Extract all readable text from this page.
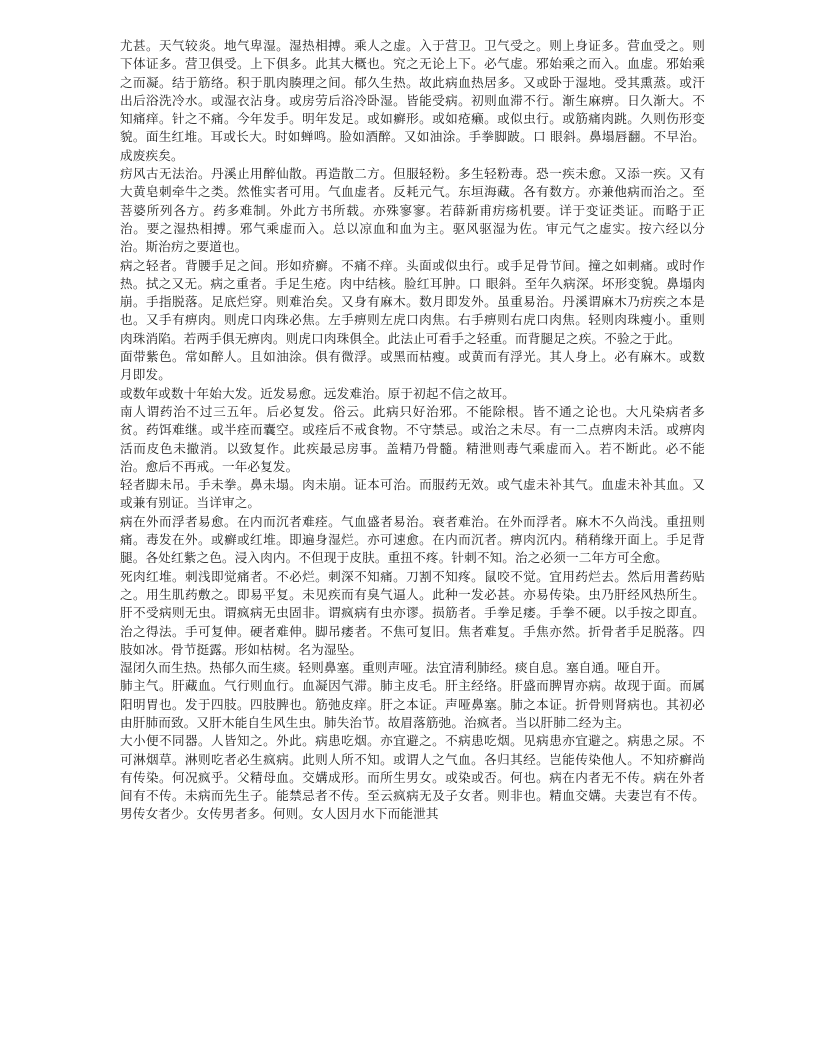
尤甚。天气较炎。地气卑湿。湿热相搏。乘人之虚。入于营卫。卫气受之。则上身证多。营血受之。则下体证多。营卫俱受。上下俱多。此其大概也。究之无论上下。必气虚。邪始乘之而入。血虚。邪始乘之而凝。结于筋络。积于肌肉腠理之间。郁久生热。故此病血热居多。又或卧于湿地。受其熏蒸。或汗出后浴洗冷水。或湿衣沾身。或房劳后浴冷卧湿。皆能受病。初则血滞不行。渐生麻痹。日久渐大。不知痛痒。针之不痛。今年发手。明年发足。或如癣形。或如疮癞。或似虫行。或筋痛肉跳。久则伤形变貌。面生红堆。耳或长大。时如蝉鸣。脸如酒醉。又如油涂。手拳脚跛。口 眼斜。鼻塌唇翻。不早治。成废疾矣。

疠风古无法治。丹溪止用醉仙散。再造散二方。但服轻粉。多生轻粉毒。恐一疾未愈。又添一疾。又有大黄皂刺牵牛之类。然惟实者可用。气血虚者。反耗元气。东垣海藏。各有数方。亦兼他病而治之。至菩婆所列各方。药多难制。外此方书所载。亦殊寥寥。若薛新甫疠疡机要。详于变证类证。而略于正治。要之湿热相搏。邪气乘虚而入。总以凉血和血为主。驱风驱湿为佐。审元气之虚实。按六经以分治。斯治疠之要道也。

病之轻者。背腰手足之间。形如疥癣。不痛不痒。头面或似虫行。或手足骨节间。撞之如刺痛。或时作热。拭之又无。病之重者。手足生疮。肉中结核。脸红耳肿。口 眼斜。至年久病深。坏形变貌。鼻塌肉崩。手指脱落。足底烂穿。则难治矣。又身有麻木。数月即发外。虽重易治。丹溪谓麻木乃疠疾之本是也。又手有痹肉。则虎口肉珠必焦。左手痹则左虎口肉焦。右手痹则右虎口肉焦。轻则肉珠瘦小。重则肉珠消陷。若两手俱无痹肉。则虎口肉珠俱全。此法止可看手之轻重。而背腿足之疾。不验之于此。

面带紫色。常如醉人。且如油涂。俱有微浮。或黑而枯瘦。或黄而有浮光。其人身上。必有麻木。或数月即发。

或数年或数十年始大发。近发易愈。远发难治。原于初起不信之故耳。

南人谓药治不过三五年。后必复发。俗云。此病只好治邪。不能除根。皆不通之论也。大凡染病者多贫。药饵难继。或半痊而囊空。或痊后不戒食物。不守禁忌。或治之未尽。有一二点痹肉未活。或痹肉活而皮色未撤消。以致复作。此疾最忌房事。盖精乃骨髓。精泄则毒气乘虚而入。若不断此。必不能治。愈后不再戒。一年必复发。

轻者脚未吊。手未拳。鼻未塌。肉未崩。证本可治。而服药无效。或气虚未补其气。血虚未补其血。又或兼有别证。当详审之。

病在外而浮者易愈。在内而沉者难痊。气血盛者易治。衰者难治。在外而浮者。麻木不久尚浅。重扭则痛。毒发在外。或癣或红堆。即遍身湿烂。亦可速愈。在内而沉者。痹肉沉内。稍稍缘开面上。手足背腿。各处红紫之色。浸入肉内。不但现于皮肤。重扭不疼。针刺不知。治之必须一二年方可全愈。

死肉红堆。刺浅即觉痛者。不必烂。刺深不知痛。刀割不知疼。鼠咬不觉。宜用药烂去。然后用耆药贴之。用生肌药敷之。即易平复。未见疾而有臭气逼人。此种一发必甚。亦易传染。虫乃肝经风热所生。肝不受病则无虫。谓疯病无虫固非。谓疯病有虫亦谬。损筋者。手拳足痿。手拳不硬。以手按之即直。治之得法。手可复伸。硬者难伸。脚吊痿者。不焦可复旧。焦者难复。手焦亦然。折骨者手足脱落。四肢如冰。骨节挺露。形如枯树。名为湿坠。

湿闭久而生热。热郁久而生痰。轻则鼻塞。重则声哑。法宜清利肺经。痰自息。塞自通。哑自开。

肺主气。肝藏血。气行则血行。血凝因气滞。肺主皮毛。肝主经络。肝盛而脾胃亦病。故现于面。而属阳明胃也。发于四肢。四肢脾也。筋弛皮痒。肝之本证。声哑鼻塞。肺之本证。折骨则肾病也。其初必由肝肺而致。又肝木能自生风生虫。肺失治节。故眉落筋弛。治疯者。当以肝肺二经为主。

大小便不同器。人皆知之。外此。病患吃烟。亦宜避之。不病患吃烟。见病患亦宜避之。病患之尿。不可淋烟草。淋则吃者必生疯病。此则人所不知。或谓人之气血。各归其经。岂能传染他人。不知疥癣尚有传染。何况疯乎。父精母血。交媾成形。而所生男女。或染或否。何也。病在内者无不传。病在外者间有不传。未病而先生子。能禁忌者不传。至云疯病无及子女者。则非也。精血交媾。夫妻岂有不传。男传女者少。女传男者多。何则。女人因月水下而能泄其
